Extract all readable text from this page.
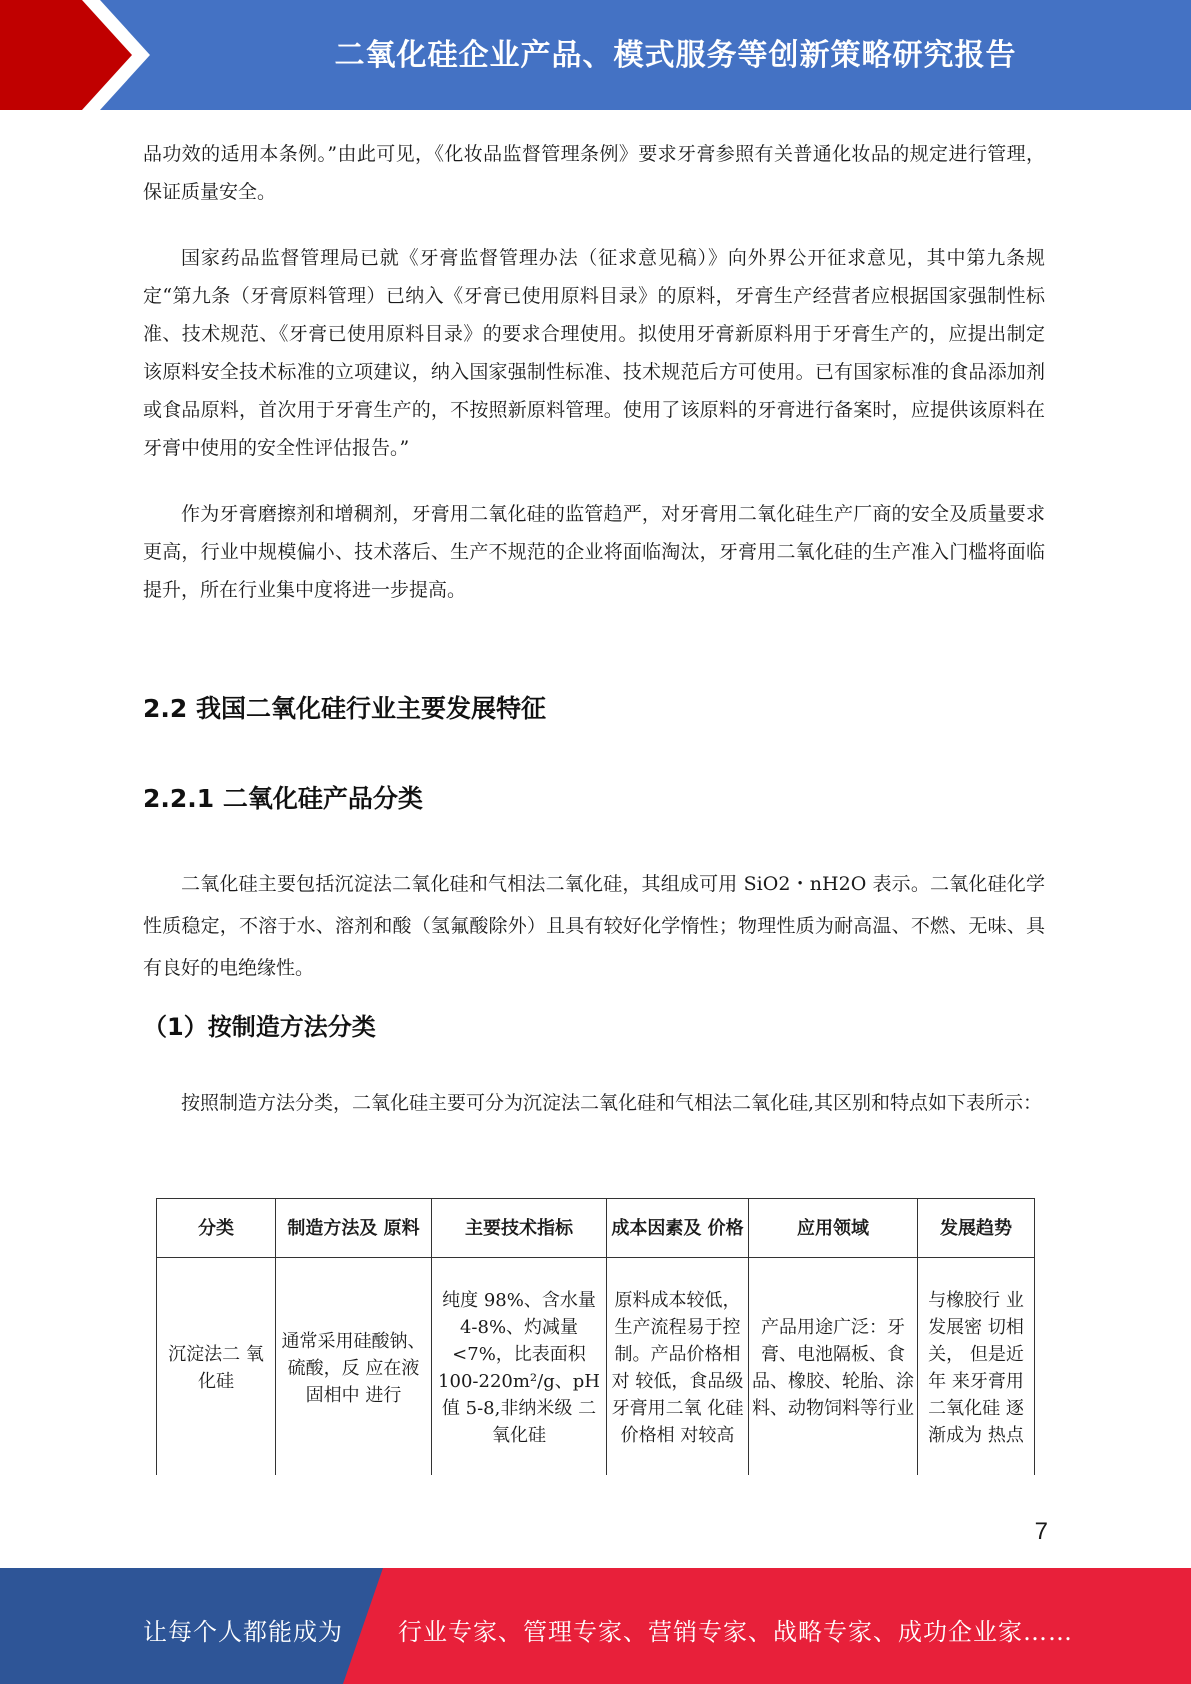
二氧化硅企业产品、模式服务等创新策略研究报告

品功效的适用本条例。”由此可见，《化妆品监督管理条例》要求牙膏参照有关普通化妆品的规定进行管理，保证质量安全。

国家药品监督管理局已就《牙膏监督管理办法（征求意见稿）》向外界公开征求意见，其中第九条规定“第九条（牙膏原料管理）已纳入《牙膏已使用原料目录》的原料，牙膏生产经营者应根据国家强制性标准、技术规范、《牙膏已使用原料目录》的要求合理使用。拟使用牙膏新原料用于牙膏生产的，应提出制定该原料安全技术标准的立项建议，纳入国家强制性标准、技术规范后方可使用。已有国家标准的食品添加剂或食品原料，首次用于牙膏生产的，不按照新原料管理。使用了该原料的牙膏进行备案时，应提供该原料在牙膏中使用的安全性评估报告。”

作为牙膏磨擦剂和增稠剂，牙膏用二氧化硅的监管趋严，对牙膏用二氧化硅生产厂商的安全及质量要求更高，行业中规模偏小、技术落后、生产不规范的企业将面临淘汰，牙膏用二氧化硅的生产准入门槛将面临提升，所在行业集中度将进一步提高。

2.2 我国二氧化硅行业主要发展特征
2.2.1 二氧化硅产品分类

二氧化硅主要包括沉淀法二氧化硅和气相法二氧化硅，其组成可用 SiO2・nH2O 表示。二氧化硅化学性质稳定，不溶于水、溶剂和酸（氢氟酸除外）且具有较好化学惰性；物理性质为耐高温、不燃、无味、具有良好的电绝缘性。

（1）按制造方法分类

按照制造方法分类，二氧化硅主要可分为沉淀法二氧化硅和气相法二氧化硅,其区别和特点如下表所示：

分类	制造方法及 原料	主要技术指标	成本因素及 价格	应用领域	发展趋势
沉淀法二 氧化硅	通常采用硅酸钠、硫酸，反 应在液固相中 进行	纯度 98%、含水量 4-8%、灼减量<7%，比表面积100-220m²/g、pH值 5-8,非纳米级 二氧化硅	原料成本较低，生产流程易于控制。产品价格相对 较低，食品级牙膏用二氧 化硅价格相 对较高	产品用途广泛：牙膏、电池隔板、食品、橡胶、轮胎、涂料、动物饲料等行业	与橡胶行 业发展密 切相关， 但是近年 来牙膏用二氧化硅 逐渐成为 热点
7
让每个人都能成为 行业专家、管理专家、营销专家、战略专家、成功企业家……
